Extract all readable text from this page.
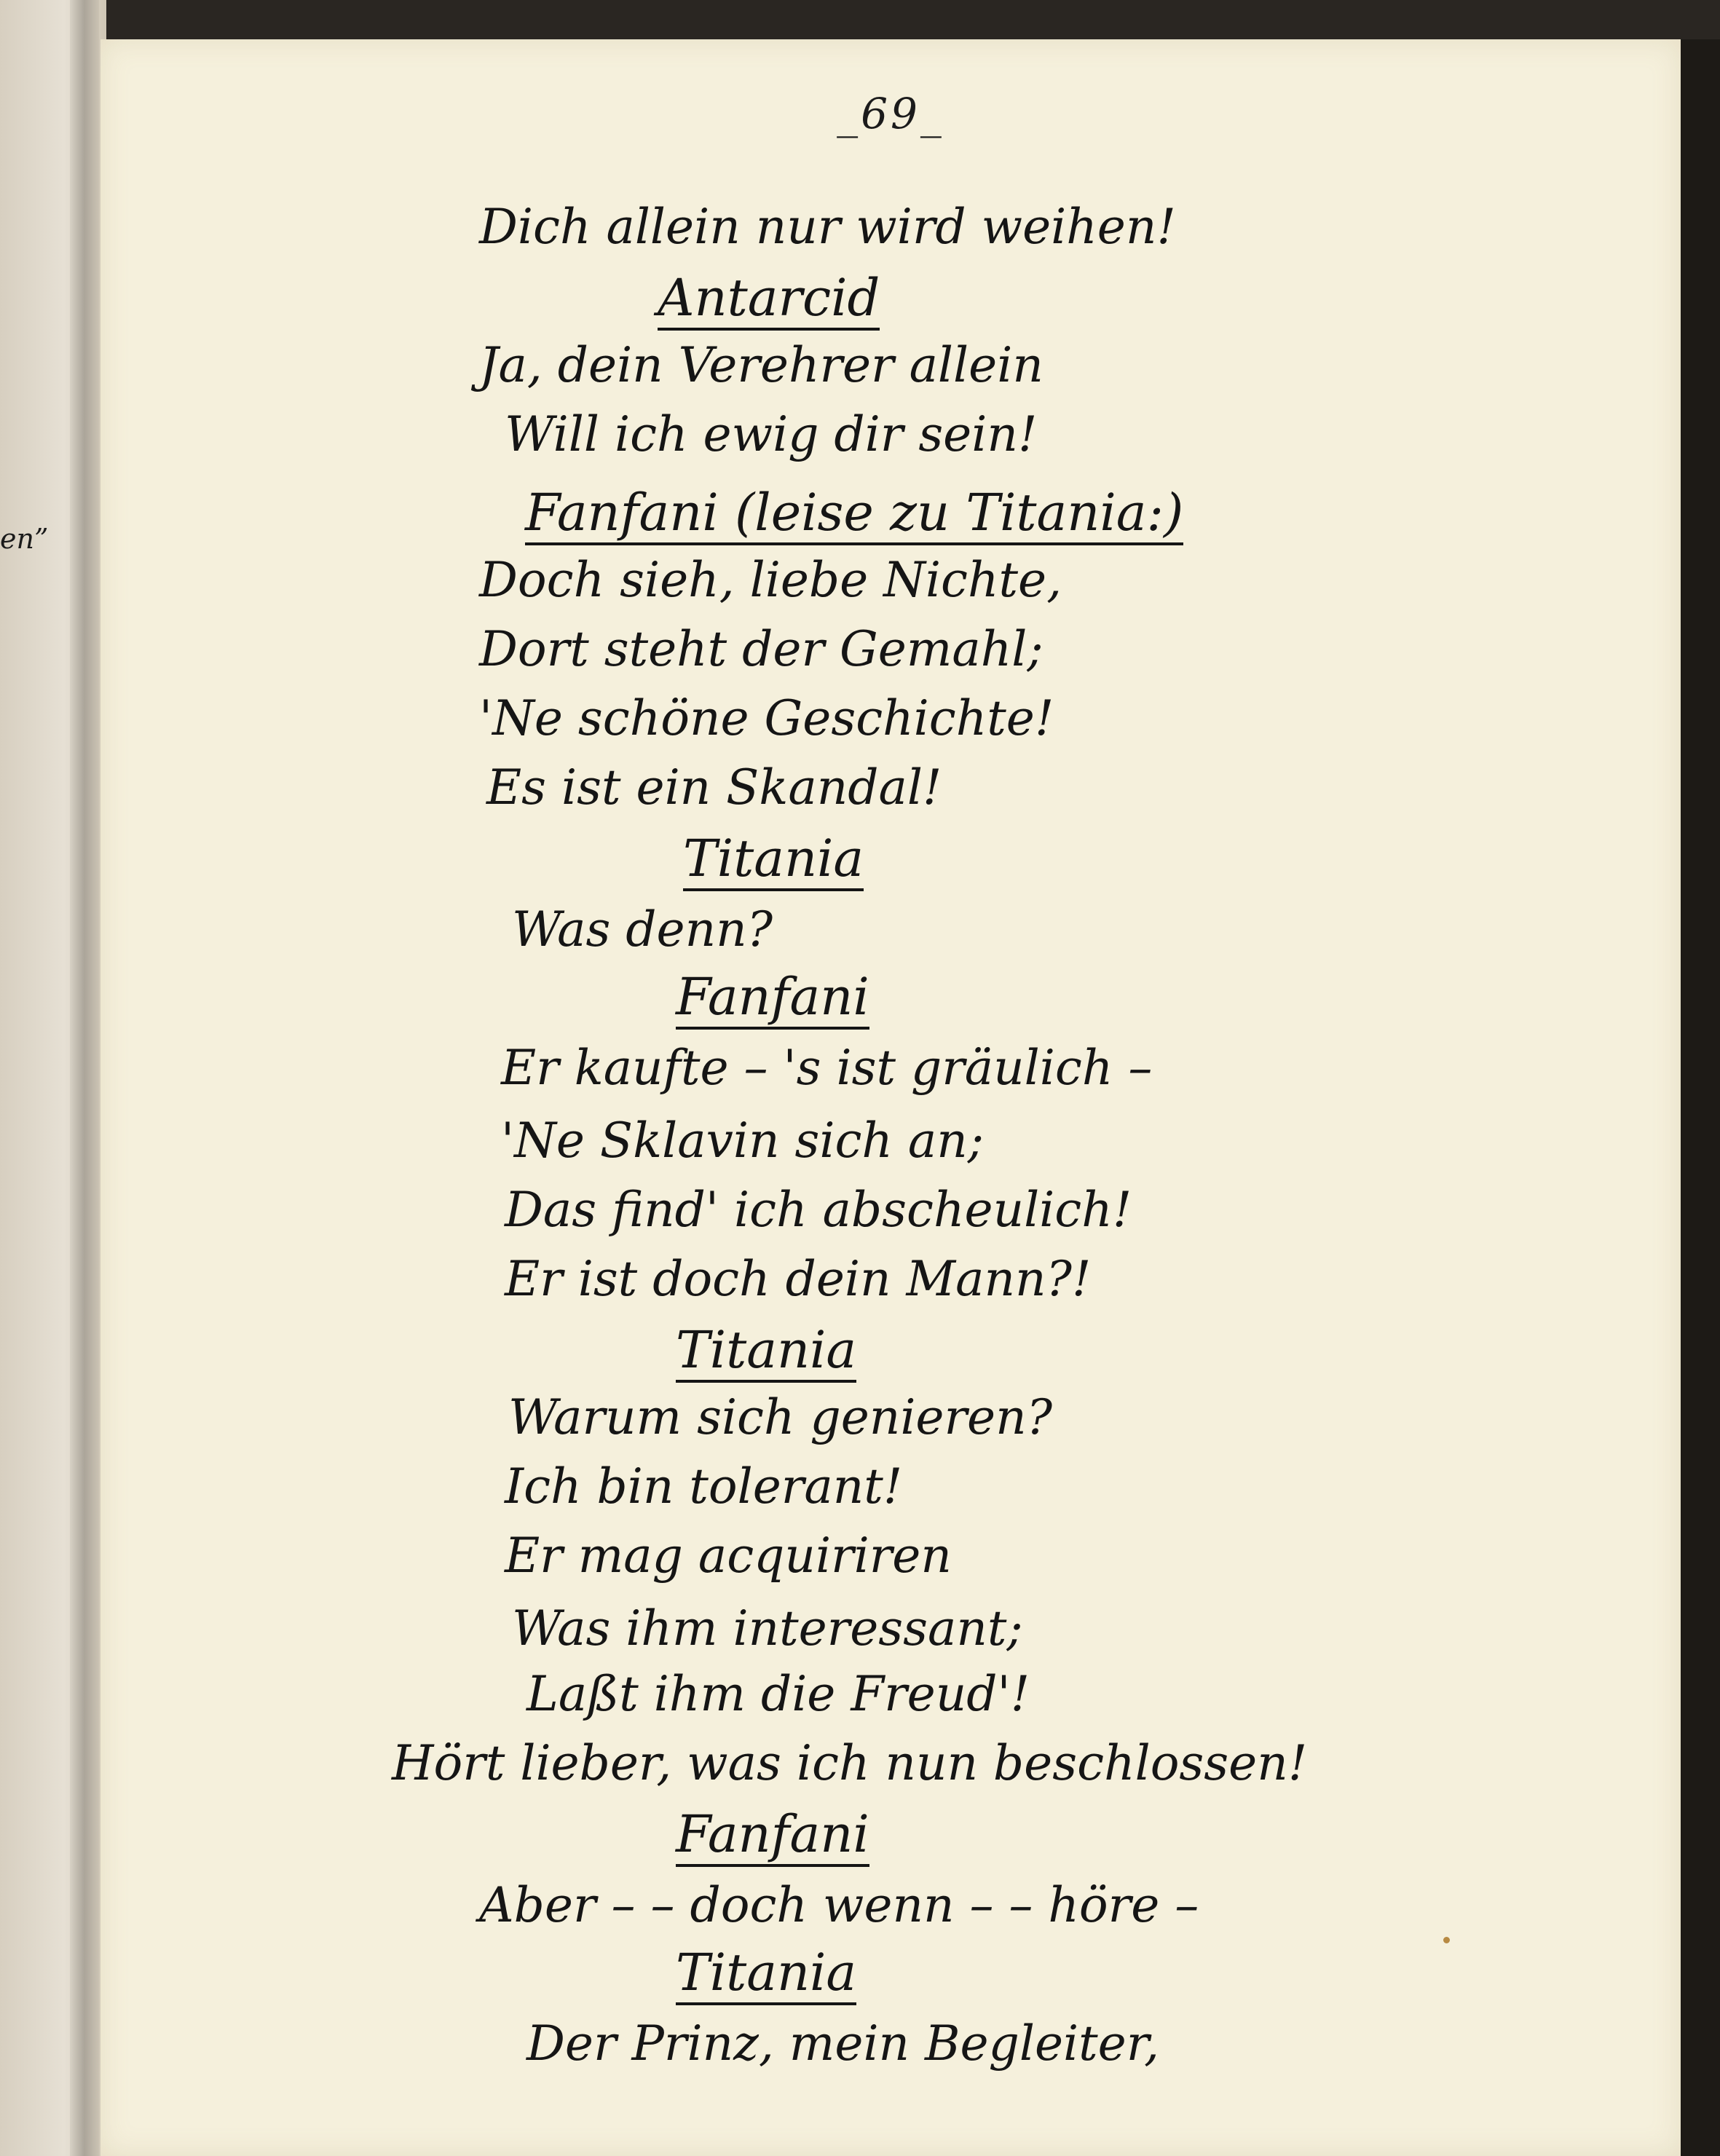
en”
_69_
Dich allein nur wird weihen!
Antarcid
Ja, dein Verehrer allein
Will ich ewig dir sein!
Fanfani (leise zu Titania:)
Doch sieh, liebe Nichte,
Dort steht der Gemahl;
'Ne schöne Geschichte!
Es ist ein Skandal!
Titania
Was denn?
Fanfani
Er kaufte – 's ist gräulich –
'Ne Sklavin sich an;
Das find' ich abscheulich!
Er ist doch dein Mann?!
Titania
Warum sich genieren?
Ich bin tolerant!
Er mag acquiriren
Was ihm interessant;
Laßt ihm die Freud'!
Hört lieber, was ich nun beschlossen!
Fanfani
Aber – – doch wenn – – höre –
Titania
Der Prinz, mein Begleiter,
